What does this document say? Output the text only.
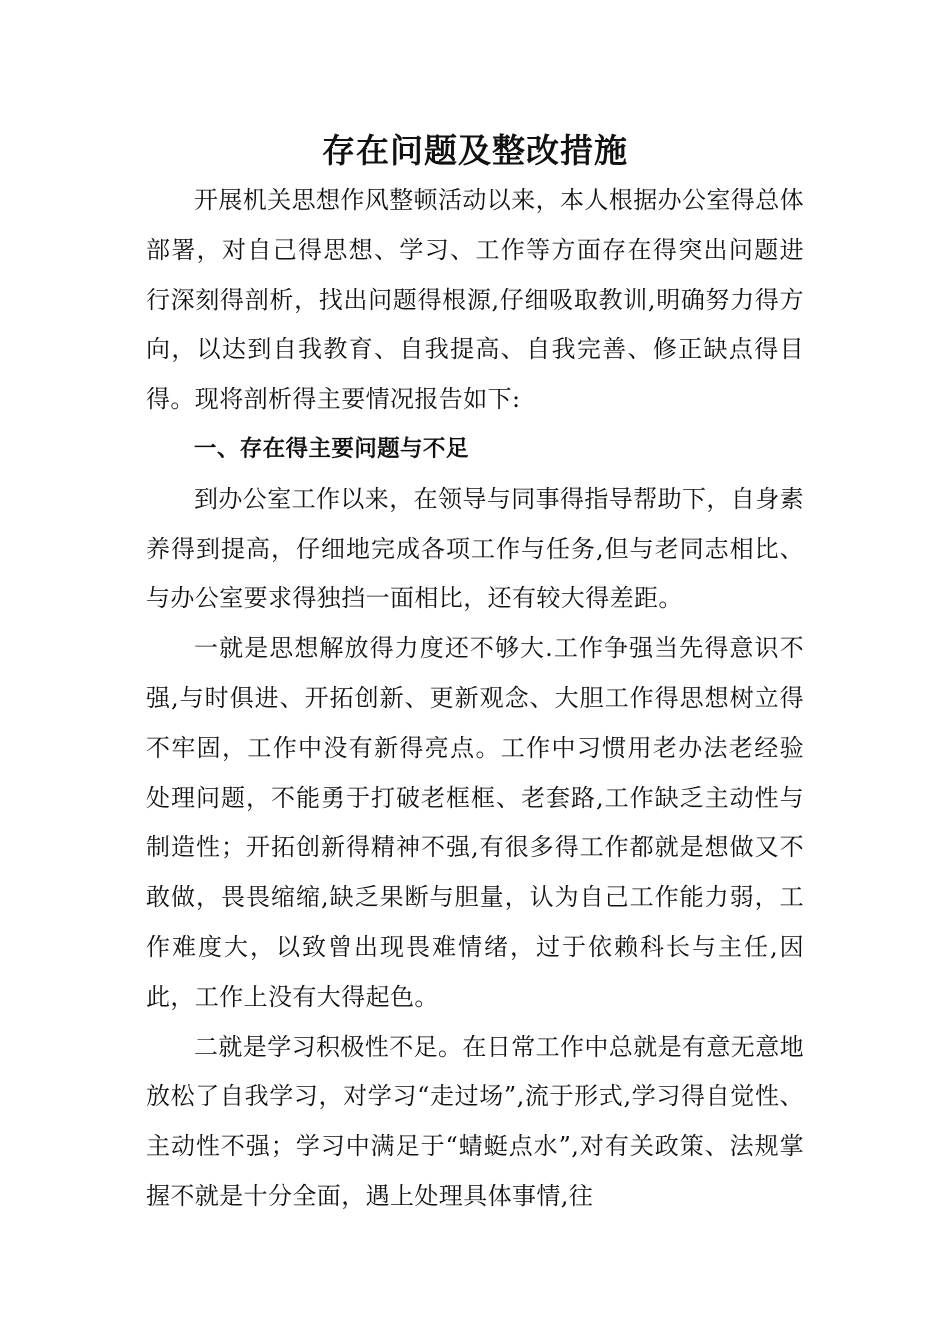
存在问题及整改措施

开展机关思想作风整顿活动以来，本人根据办公室得总体部署，对自己得思想、学习、工作等方面存在得突出问题进行深刻得剖析，找出问题得根源,仔细吸取教训,明确努力得方向，以达到自我教育、自我提高、自我完善、修正缺点得目得。现将剖析得主要情况报告如下:

一、存在得主要问题与不足

到办公室工作以来，在领导与同事得指导帮助下，自身素养得到提高，仔细地完成各项工作与任务,但与老同志相比、与办公室要求得独挡一面相比，还有较大得差距。

一就是思想解放得力度还不够大.工作争强当先得意识不强,与时俱进、开拓创新、更新观念、大胆工作得思想树立得不牢固，工作中没有新得亮点。工作中习惯用老办法老经验处理问题，不能勇于打破老框框、老套路,工作缺乏主动性与制造性；开拓创新得精神不强,有很多得工作都就是想做又不敢做，畏畏缩缩,缺乏果断与胆量，认为自己工作能力弱，工作难度大，以致曾出现畏难情绪，过于依赖科长与主任,因此，工作上没有大得起色。

二就是学习积极性不足。在日常工作中总就是有意无意地放松了自我学习，对学习“走过场”,流于形式,学习得自觉性、主动性不强；学习中满足于“蜻蜓点水”,对有关政策、法规掌握不就是十分全面，遇上处理具体事情,往
